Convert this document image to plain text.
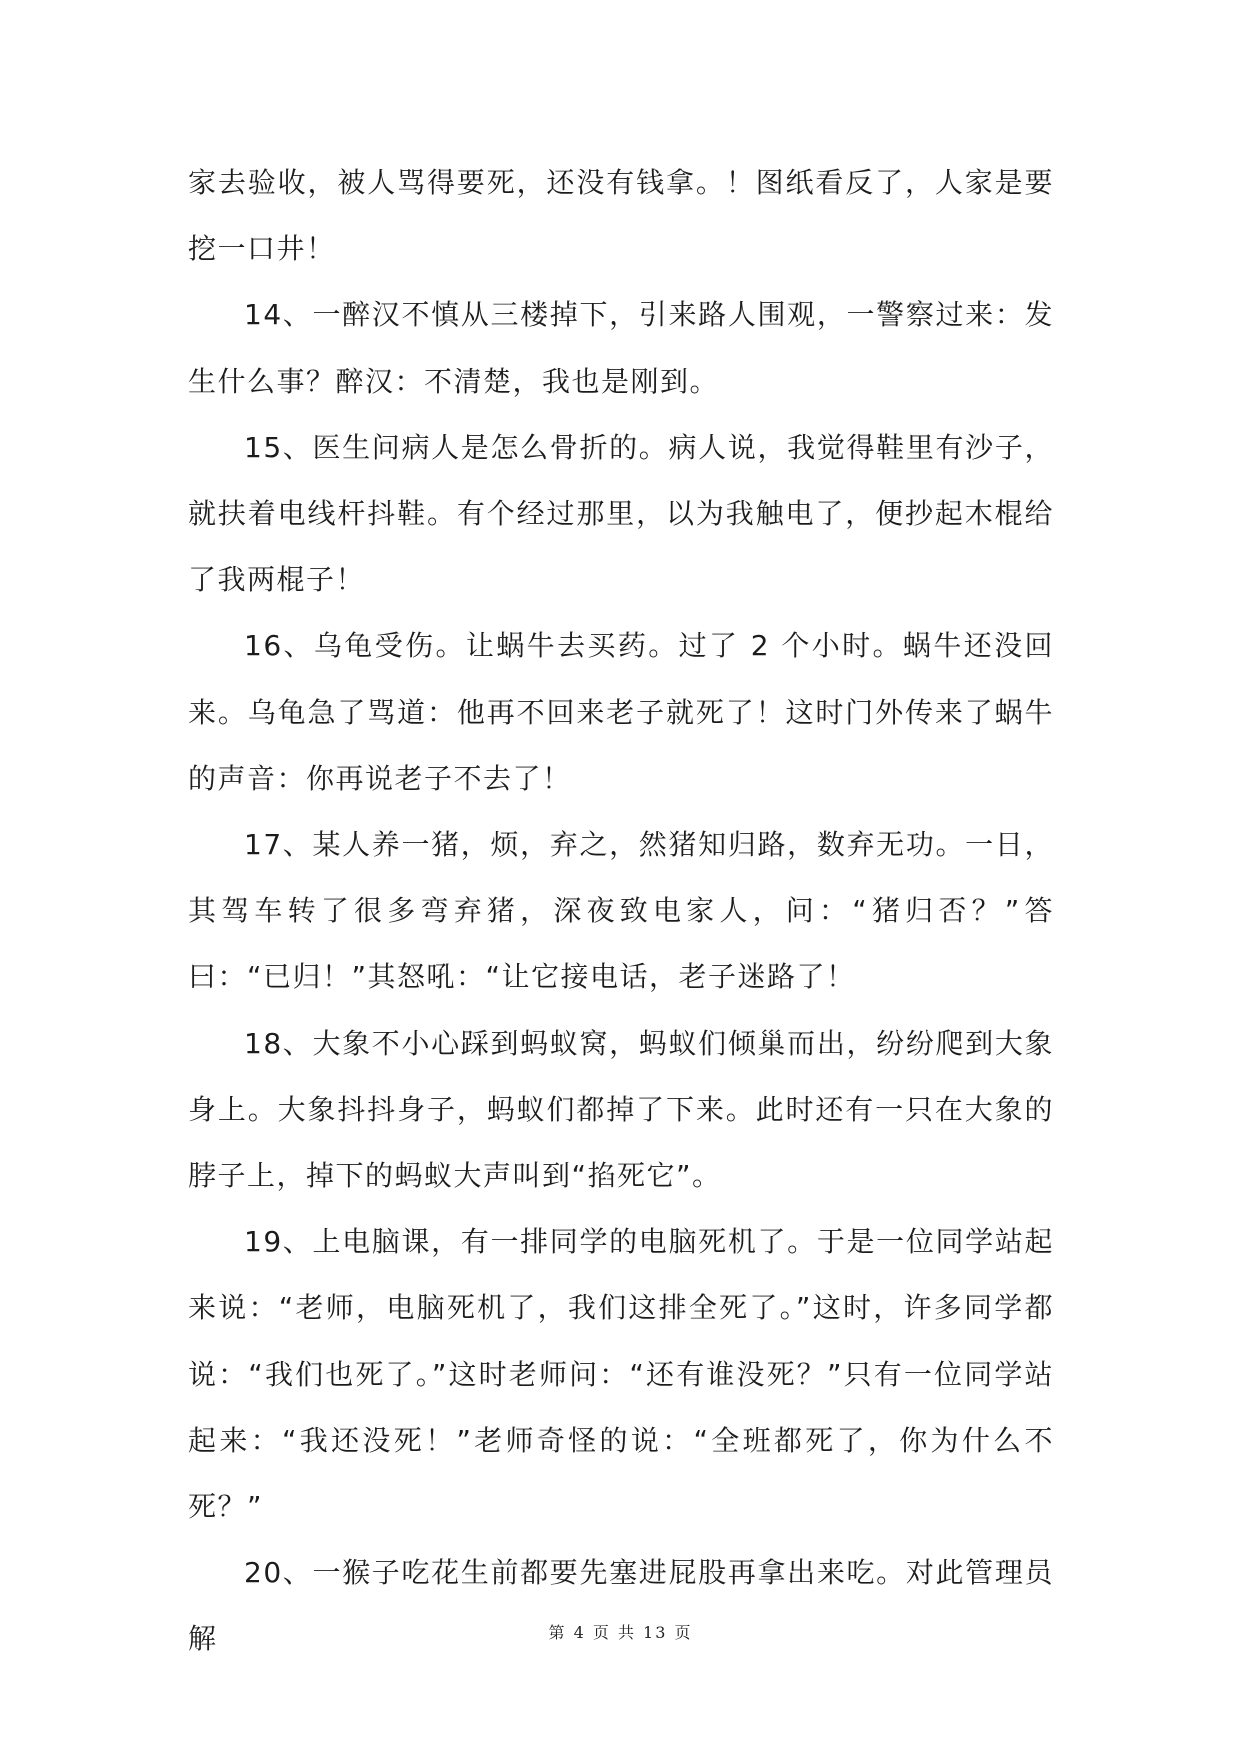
家去验收，被人骂得要死，还没有钱拿。！图纸看反了，人家是要挖一口井！

14、一醉汉不慎从三楼掉下，引来路人围观，一警察过来：发生什么事？醉汉：不清楚，我也是刚到。

15、医生问病人是怎么骨折的。病人说，我觉得鞋里有沙子，就扶着电线杆抖鞋。有个经过那里，以为我触电了，便抄起木棍给了我两棍子！

16、乌龟受伤。让蜗牛去买药。过了 2 个小时。蜗牛还没回来。乌龟急了骂道：他再不回来老子就死了！这时门外传来了蜗牛的声音：你再说老子不去了！

17、某人养一猪，烦，弃之，然猪知归路，数弃无功。一日，其驾车转了很多弯弃猪，深夜致电家人，问：“猪归否？”答曰：“已归！”其怒吼：“让它接电话，老子迷路了！

18、大象不小心踩到蚂蚁窝，蚂蚁们倾巢而出，纷纷爬到大象身上。大象抖抖身子，蚂蚁们都掉了下来。此时还有一只在大象的脖子上，掉下的蚂蚁大声叫到“掐死它”。

19、上电脑课，有一排同学的电脑死机了。于是一位同学站起来说：“老师，电脑死机了，我们这排全死了。”这时，许多同学都说：“我们也死了。”这时老师问：“还有谁没死？”只有一位同学站起来：“我还没死！”老师奇怪的说：“全班都死了，你为什么不死？”

20、一猴子吃花生前都要先塞进屁股再拿出来吃。对此管理员解	第 4 页 共 13 页
